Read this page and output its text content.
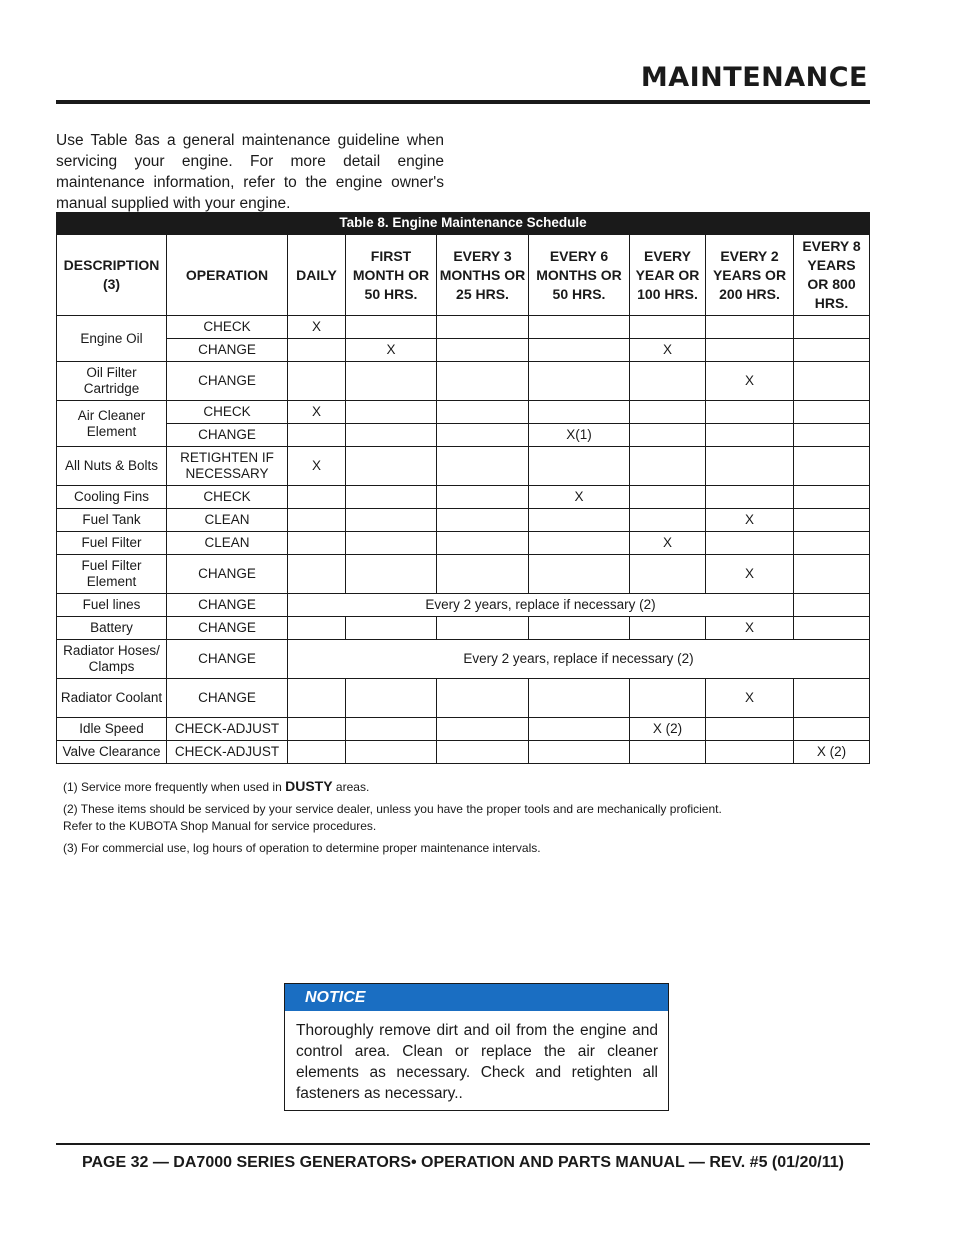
MAINTENANCE

Use Table 8as a general maintenance guideline when servicing your engine. For more detail engine maintenance information, refer to the engine owner's manual supplied with your engine.

Table 8. Engine Maintenance Schedule
DESCRIPTION (3)	OPERATION	DAILY	FIRST MONTH OR 50 HRS.	EVERY 3 MONTHS OR 25 HRS.	EVERY 6 MONTHS OR 50 HRS.	EVERY YEAR OR 100 HRS.	EVERY 2 YEARS OR 200 HRS.	EVERY 8 YEARS OR 800 HRS.
Engine Oil	CHECK	X						
	CHANGE		X			X		
Oil Filter Cartridge	CHANGE						X	
Air Cleaner Element	CHECK	X						
	CHANGE				X(1)			
All Nuts & Bolts	RETIGHTEN IF NECESSARY	X						
Cooling Fins	CHECK				X			
Fuel Tank	CLEAN						X	
Fuel Filter	CLEAN					X		
Fuel Filter Element	CHANGE						X	
Fuel lines	CHANGE	Every 2 years, replace if necessary (2)						
Battery	CHANGE						X	
Radiator Hoses/ Clamps	CHANGE	Every 2 years, replace if necessary (2)						
Radiator Coolant	CHANGE						X	
Idle Speed	CHECK-ADJUST					X (2)		
Valve Clearance	CHECK-ADJUST							X (2)

(1) Service more frequently when used in DUSTY areas.

(2) These items should be serviced by your service dealer, unless you have the proper tools and are mechanically proficient. Refer to the KUBOTA Shop Manual for service procedures.

(3) For commercial use, log hours of operation to determine proper maintenance intervals.

NOTICE
Thoroughly remove dirt and oil from the engine and control area. Clean or replace the air cleaner elements as necessary. Check and retighten all fasteners as necessary..
PAGE 32 — DA7000 SERIES GENERATORS• OPERATION AND PARTS MANUAL — REV. #5 (01/20/11)
